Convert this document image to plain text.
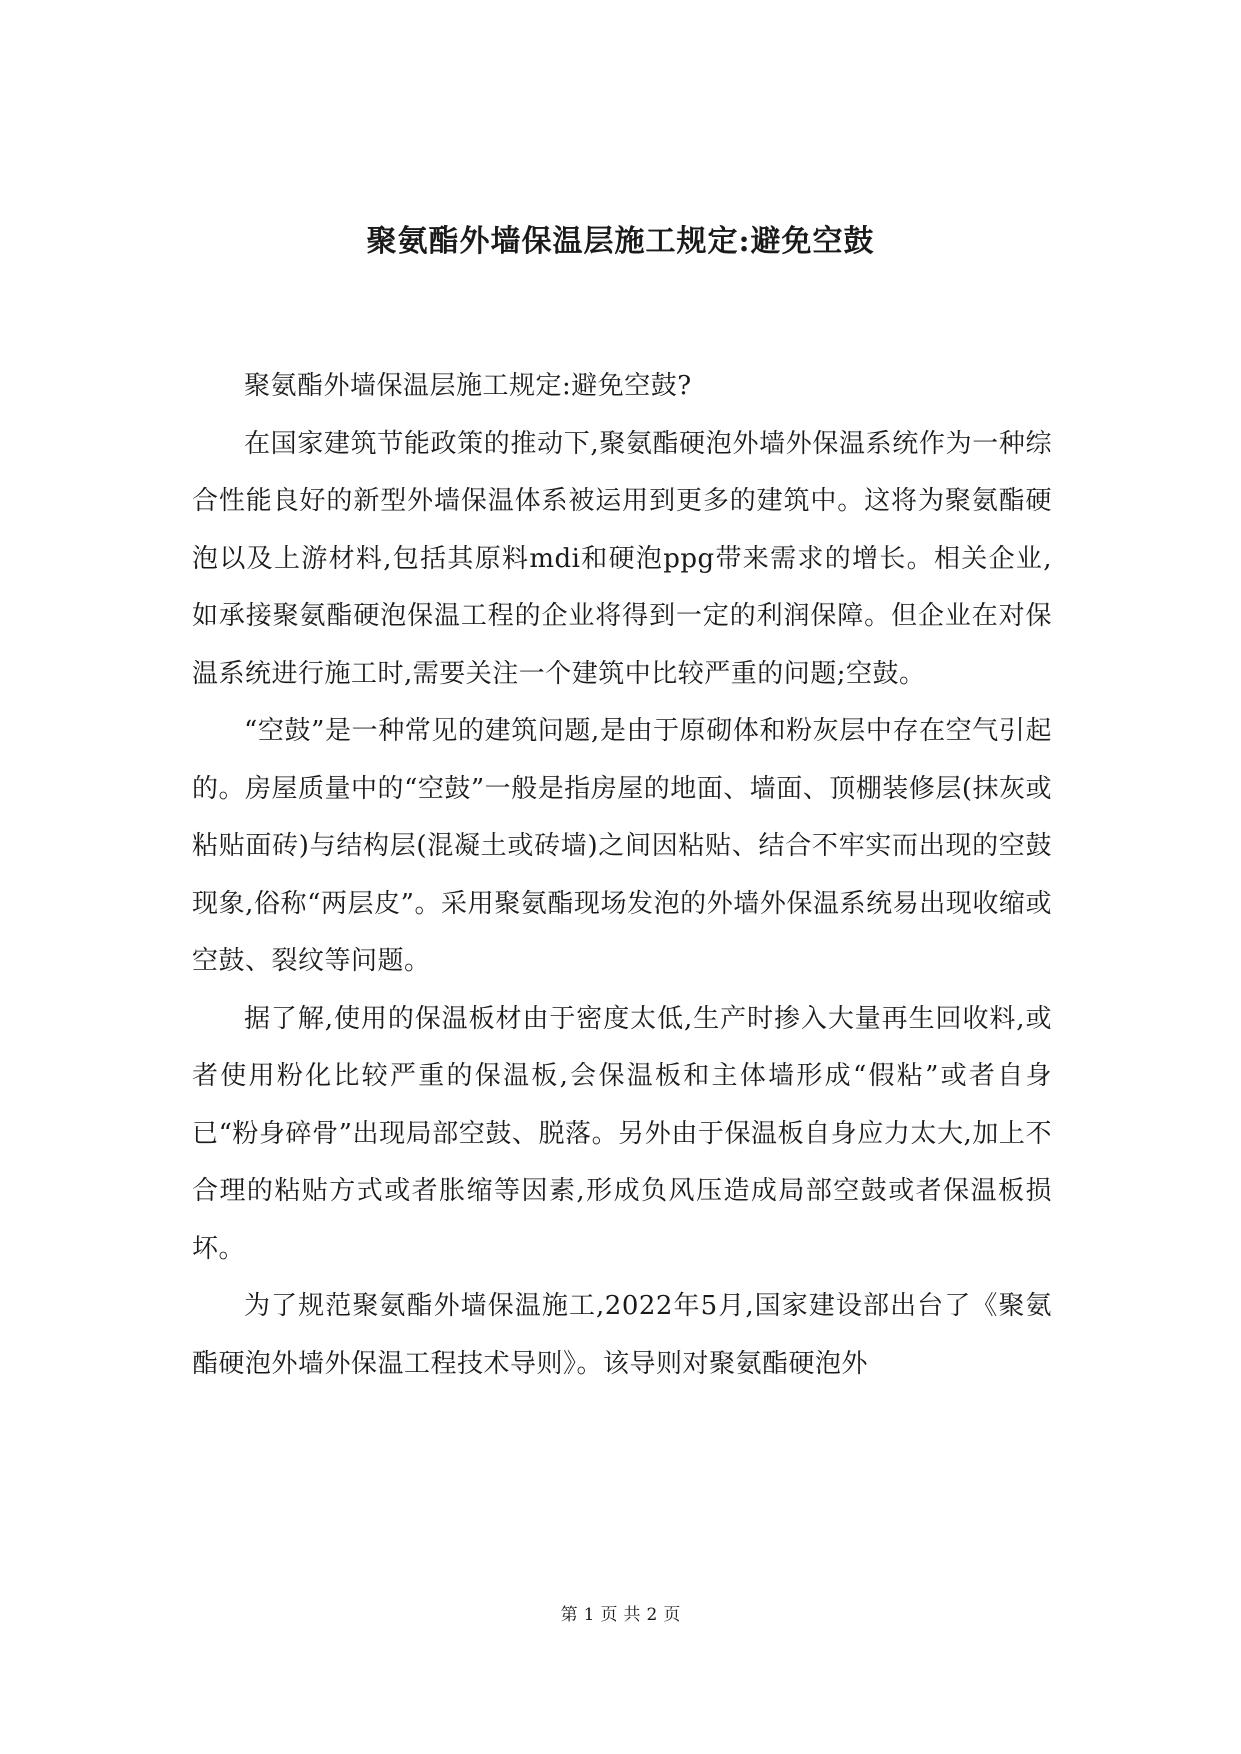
聚氨酯外墙保温层施工规定:避免空鼓

聚氨酯外墙保温层施工规定:避免空鼓?

在国家建筑节能政策的推动下,聚氨酯硬泡外墙外保温系统作为一种综合性能良好的新型外墙保温体系被运用到更多的建筑中。这将为聚氨酯硬泡以及上游材料,包括其原料mdi和硬泡ppg带来需求的增长。相关企业,如承接聚氨酯硬泡保温工程的企业将得到一定的利润保障。但企业在对保温系统进行施工时,需要关注一个建筑中比较严重的问题;空鼓。

“空鼓”是一种常见的建筑问题,是由于原砌体和粉灰层中存在空气引起的。房屋质量中的“空鼓”一般是指房屋的地面、墙面、顶棚装修层(抹灰或粘贴面砖)与结构层(混凝土或砖墙)之间因粘贴、结合不牢实而出现的空鼓现象,俗称“两层皮”。采用聚氨酯现场发泡的外墙外保温系统易出现收缩或空鼓、裂纹等问题。

据了解,使用的保温板材由于密度太低,生产时掺入大量再生回收料,或者使用粉化比较严重的保温板,会保温板和主体墙形成“假粘”或者自身已“粉身碎骨”出现局部空鼓、脱落。另外由于保温板自身应力太大,加上不合理的粘贴方式或者胀缩等因素,形成负风压造成局部空鼓或者保温板损坏。

为了规范聚氨酯外墙保温施工,2022年5月,国家建设部出台了《聚氨酯硬泡外墙外保温工程技术导则》。该导则对聚氨酯硬泡外

第 1 页 共 2 页
